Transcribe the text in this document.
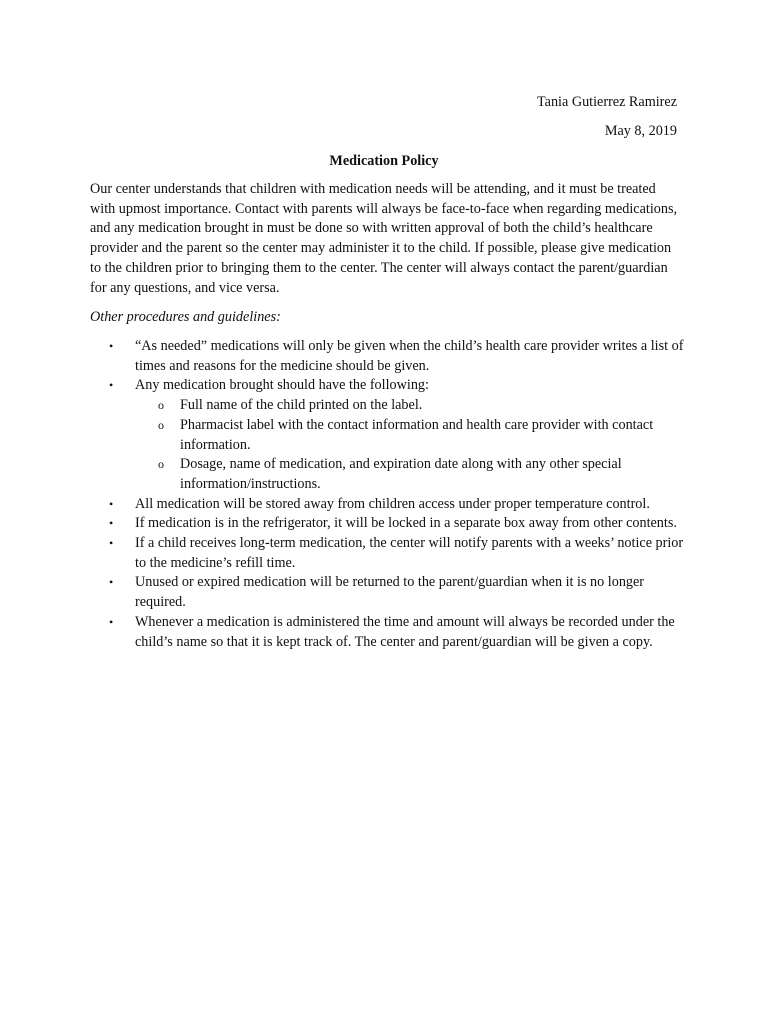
Tania Gutierrez Ramirez
May 8, 2019
Medication Policy

Our center understands that children with medication needs will be attending, and it must be treated with upmost importance. Contact with parents will always be face-to-face when regarding medications, and any medication brought in must be done so with written approval of both the child’s healthcare provider and the parent so the center may administer it to the child. If possible, please give medication to the children prior to bringing them to the center. The center will always contact the parent/guardian for any questions, and vice versa.

Other procedures and guidelines:

• “As needed” medications will only be given when the child’s health care provider writes a list of times and reasons for the medicine should be given.
• Any medication brought should have the following:
o Full name of the child printed on the label.
o Pharmacist label with the contact information and health care provider with contact information.
o Dosage, name of medication, and expiration date along with any other special information/instructions.
• All medication will be stored away from children access under proper temperature control.
• If medication is in the refrigerator, it will be locked in a separate box away from other contents.
• If a child receives long-term medication, the center will notify parents with a weeks’ notice prior to the medicine’s refill time.
• Unused or expired medication will be returned to the parent/guardian when it is no longer required.
• Whenever a medication is administered the time and amount will always be recorded under the child’s name so that it is kept track of. The center and parent/guardian will be given a copy.
